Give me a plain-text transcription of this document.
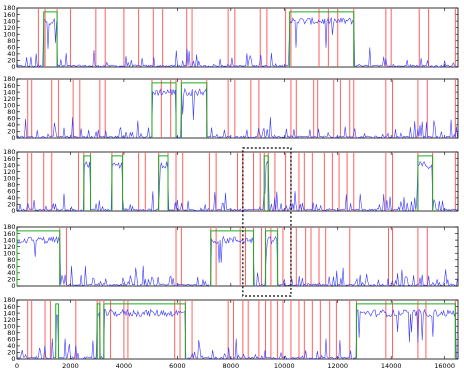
0
20
40
60
80
100
120
140
160
180
0
20
40
60
80
100
120
140
160
180
0
20
40
60
80
100
120
140
160
180
0
20
40
60
80
100
120
140
160
180
0
20
40
60
80
100
120
140
160
180
0	2000	4000	6000	8000	10000	12000	14000	16000
